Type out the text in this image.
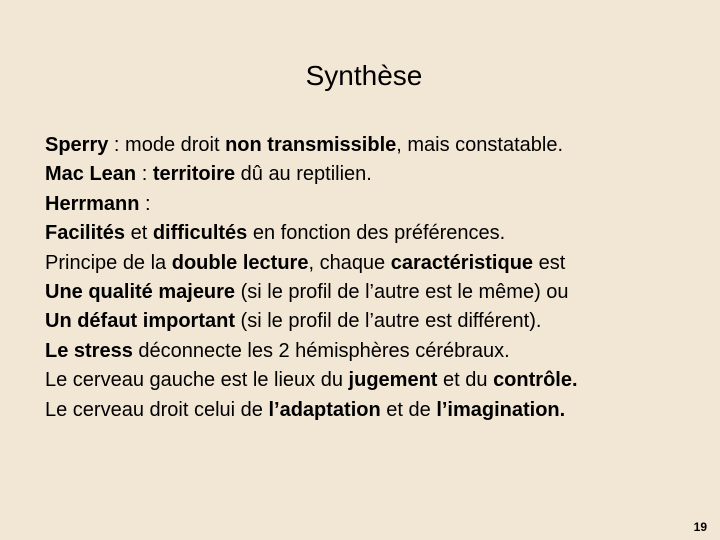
Synthèse
Sperry : mode droit non transmissible, mais constatable.
Mac Lean : territoire dû au reptilien.
Herrmann :
Facilités et difficultés en fonction des préférences.
Principe de la double lecture, chaque caractéristique est
Une qualité majeure (si le profil de l’autre est le même) ou
Un défaut important (si le profil de l’autre est différent).
Le stress déconnecte les 2 hémisphères cérébraux.
Le cerveau gauche est le lieux du jugement et du contrôle.
Le cerveau droit celui de l’adaptation et de l’imagination.
19
